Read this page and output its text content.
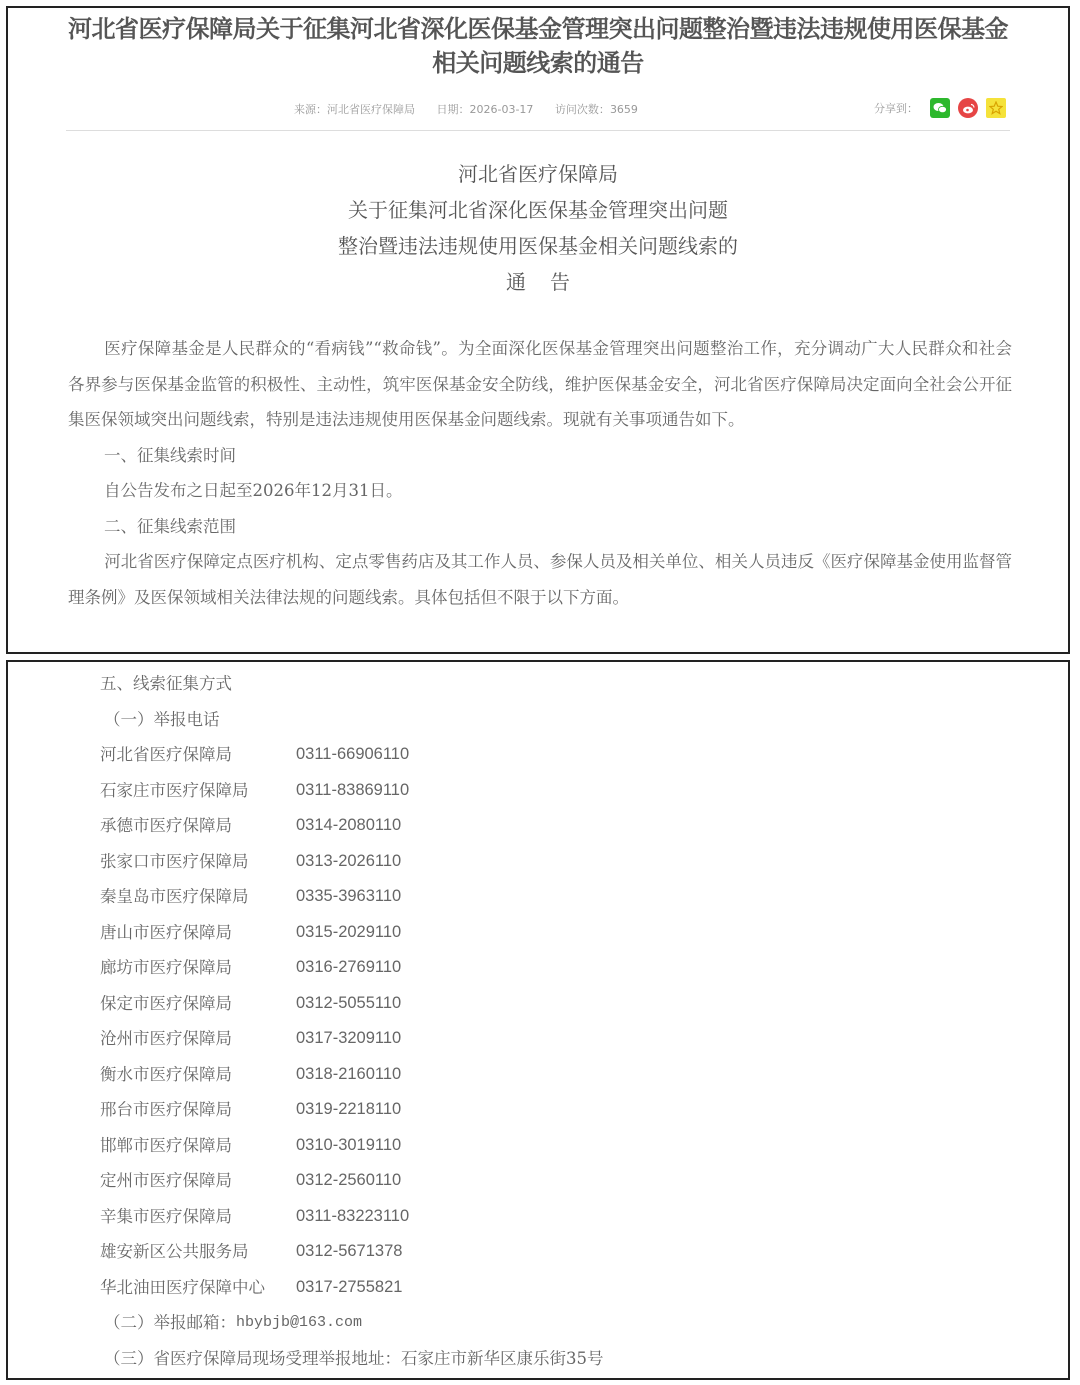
河北省医疗保障局关于征集河北省深化医保基金管理突出问题整治暨违法违规使用医保基金
相关问题线索的通告
来源：河北省医疗保障局 日期：2026-03-17 访问次数：3659	分享到：
河北省医疗保障局
关于征集河北省深化医保基金管理突出问题
整治暨违法违规使用医保基金相关问题线索的
通告
医疗保障基金是人民群众的“看病钱”“救命钱”。为全面深化医保基金管理突出问题整治工作，充分调动广大人民群众和社会各界参与医保基金监管的积极性、主动性，筑牢医保基金安全防线，维护医保基金安全，河北省医疗保障局决定面向全社会公开征集医保领域突出问题线索，特别是违法违规使用医保基金问题线索。现就有关事项通告如下。
一、征集线索时间
自公告发布之日起至2026年12月31日。
二、征集线索范围
河北省医疗保障定点医疗机构、定点零售药店及其工作人员、参保人员及相关单位、相关人员违反《医疗保障基金使用监督管理条例》及医保领域相关法律法规的问题线索。具体包括但不限于以下方面。
五、线索征集方式
（一）举报电话
河北省医疗保障局	0311-66906110
石家庄市医疗保障局	0311-83869110
承德市医疗保障局	0314-2080110
张家口市医疗保障局	0313-2026110
秦皇岛市医疗保障局	0335-3963110
唐山市医疗保障局	0315-2029110
廊坊市医疗保障局	0316-2769110
保定市医疗保障局	0312-5055110
沧州市医疗保障局	0317-3209110
衡水市医疗保障局	0318-2160110
邢台市医疗保障局	0319-2218110
邯郸市医疗保障局	0310-3019110
定州市医疗保障局	0312-2560110
辛集市医疗保障局	0311-83223110
雄安新区公共服务局	0312-5671378
华北油田医疗保障中心	0317-2755821
（二）举报邮箱： hbybjb@163.com
（三）省医疗保障局现场受理举报地址： 石家庄市新华区康乐街35号
